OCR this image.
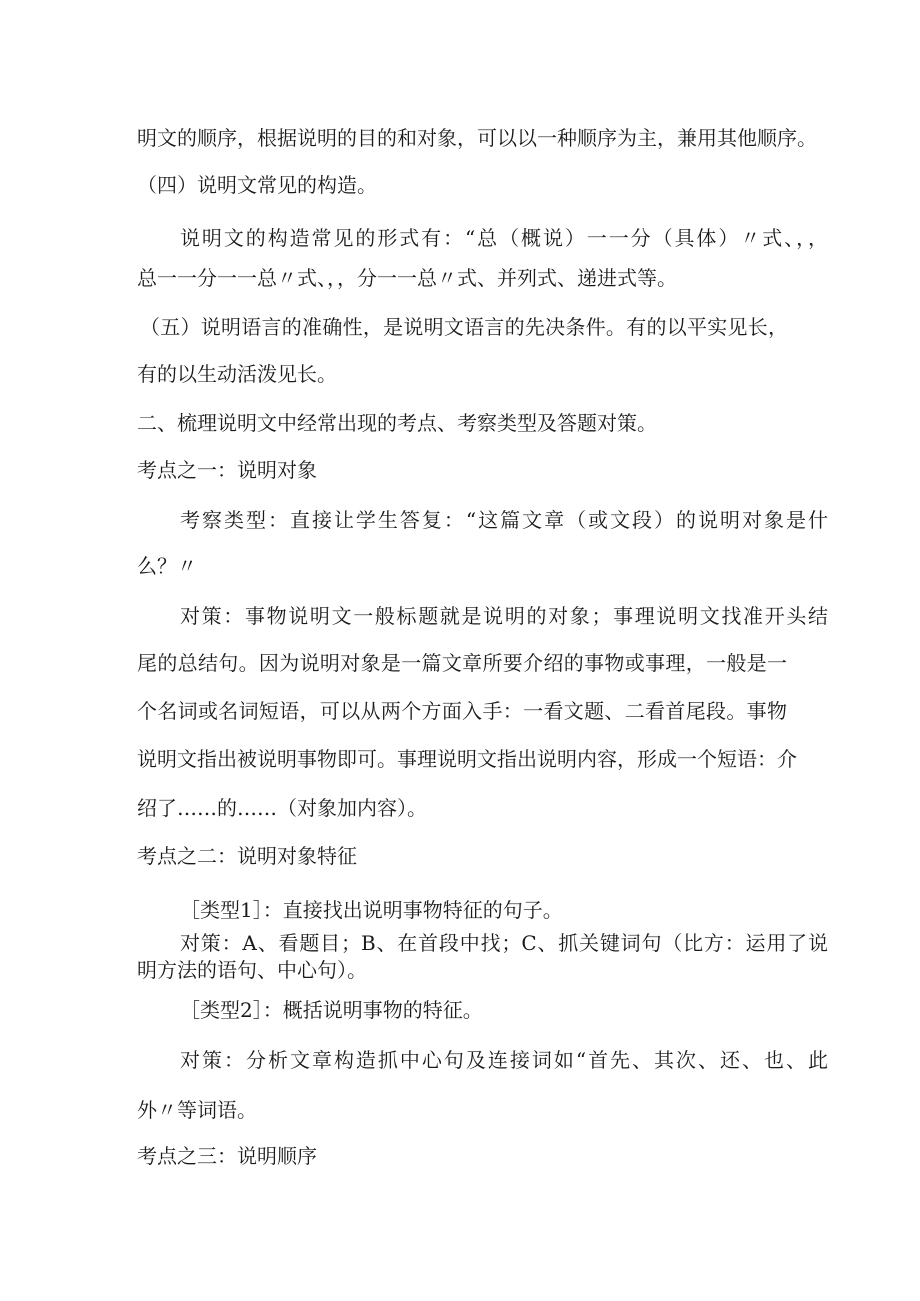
明文的顺序，根据说明的目的和对象，可以以一种顺序为主，兼用其他顺序。
（四）说明文常见的构造。
说明文的构造常见的形式有：“总（概说）一一分（具体）〃式、，，
总一一分一一总〃式、，，分一一总〃式、并列式、递进式等。
（五）说明语言的准确性，是说明文语言的先决条件。有的以平实见长，
有的以生动活泼见长。
二、梳理说明文中经常出现的考点、考察类型及答题对策。
考点之一：说明对象
考察类型：直接让学生答复：“这篇文章（或文段）的说明对象是什
么？〃
对策：事物说明文一般标题就是说明的对象；事理说明文找准开头结
尾的总结句。因为说明对象是一篇文章所要介绍的事物或事理，一般是一
个名词或名词短语，可以从两个方面入手：一看文题、二看首尾段。事物
说明文指出被说明事物即可。事理说明文指出说明内容，形成一个短语：介
绍了……的……（对象加内容）。
考点之二：说明对象特征
［类型1］：直接找出说明事物特征的句子。
对策：A、看题目；B、在首段中找；C、抓关键词句（比方：运用了说
明方法的语句、中心句）。
［类型2］：概括说明事物的特征。
对策：分析文章构造抓中心句及连接词如“首先、其次、还、也、此
外〃等词语。
考点之三：说明顺序
